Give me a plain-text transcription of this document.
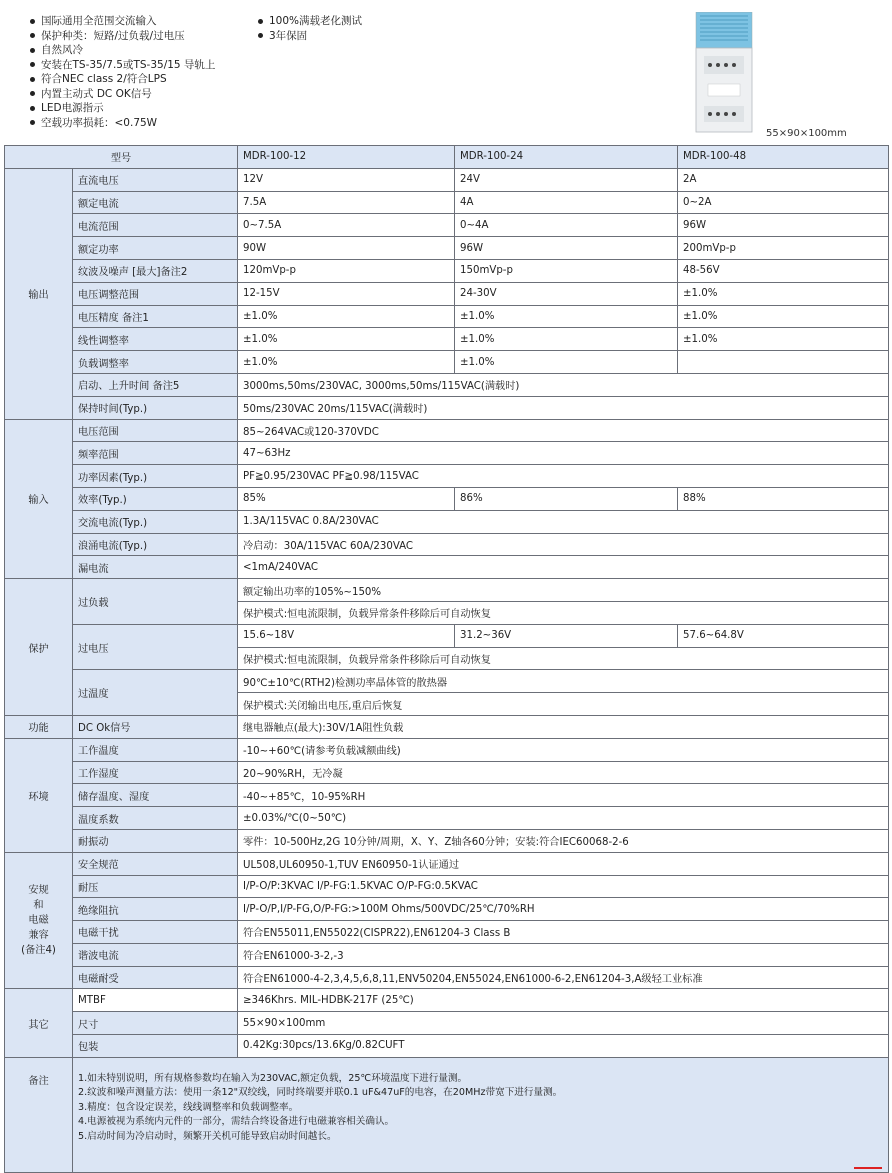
国际通用全范围交流输入
保护种类：短路/过负载/过电压
自然风冷
安装在TS-35/7.5或TS-35/15 导轨上
符合NEC class 2/符合LPS
内置主动式 DC OK信号
LED电源指示
空载功率损耗：<0.75W
100%满载老化测试
3年保固
55×90×100mm
型号		MDR-100-12	MDR-100-24	MDR-100-48
输出	直流电压	12V	24V	2A
	额定电流	7.5A	4A	0~2A
	电流范围	0~7.5A	0~4A	96W
	额定功率	90W	96W	200mVp-p
	纹波及噪声 [最大]备注2	120mVp-p	150mVp-p	48-56V
	电压调整范围	12-15V	24-30V	±1.0%
	电压精度 备注1	±1.0%	±1.0%	±1.0%
	线性调整率	±1.0%	±1.0%	±1.0%
	负载调整率	±1.0%	±1.0%	
	启动、上升时间 备注5	3000ms,50ms/230VAC, 3000ms,50ms/115VAC(满载时)		
	保持时间(Typ.)	50ms/230VAC 20ms/115VAC(满载时)		
输入	电压范围	85~264VAC或120-370VDC		
	频率范围	47~63Hz		
	功率因素(Typ.)	PF≧0.95/230VAC PF≧0.98/115VAC		
	效率(Typ.)	85%	86%	88%
	交流电流(Typ.)	1.3A/115VAC 0.8A/230VAC		
	浪涌电流(Typ.)	冷启动：30A/115VAC 60A/230VAC		
	漏电流	<1mA/240VAC		
保护	过负载	额定输出功率的105%~150%		
		保护模式:恒电流限制，负载异常条件移除后可自动恢复		
	过电压	15.6~18V	31.2~36V	57.6~64.8V
		保护模式:恒电流限制，负载异常条件移除后可自动恢复		
	过温度	90℃±10℃(RTH2)检测功率晶体管的散热器		
		保护模式:关闭输出电压,重启后恢复		
功能	DC Ok信号	继电器触点(最大):30V/1A阻性负载		
环境	工作温度	-10~+60℃(请参考负载减额曲线)		
	工作湿度	20~90%RH，无冷凝		
	储存温度、湿度	-40~+85℃，10-95%RH		
	温度系数	±0.03%/℃(0~50℃)		
	耐振动	零件：10-500Hz,2G 10分钟/周期，X、Y、Z轴各60分钟；安装:符合IEC60068-2-6		
安规
和
电磁
兼容
(备注4)	安全规范	UL508,UL60950-1,TUV EN60950-1认证通过		
	耐压	I/P-O/P:3KVAC I/P-FG:1.5KVAC O/P-FG:0.5KVAC		
	绝缘阻抗	I/P-O/P,I/P-FG,O/P-FG:>100M Ohms/500VDC/25℃/70%RH		
	电磁干扰	符合EN55011,EN55022(CISPR22),EN61204-3 Class B		
	谐波电流	符合EN61000-3-2,-3		
	电磁耐受	符合EN61000-4-2,3,4,5,6,8,11,ENV50204,EN55024,EN61000-6-2,EN61204-3,A级轻工业标准		
其它	MTBF	≥346Khrs. MIL-HDBK-217F (25℃)		
	尺寸	55×90×100mm		
	包装	0.42Kg:30pcs/13.6Kg/0.82CUFT		
备注	1.如未特别说明，所有规格参数均在输入为230VAC,额定负载，25℃环境温度下进行量测。
2.纹波和噪声测量方法：使用一条12"双绞线，同时终端要并联0.1 uF&47uF的电容，在20MHz带宽下进行量测。
3.精度：包含设定误差，线线调整率和负载调整率。
4.电源被视为系统内元件的一部分，需结合终设备进行电磁兼容相关确认。
5.启动时间为冷启动时，频繁开关机可能导致启动时间越长。			
